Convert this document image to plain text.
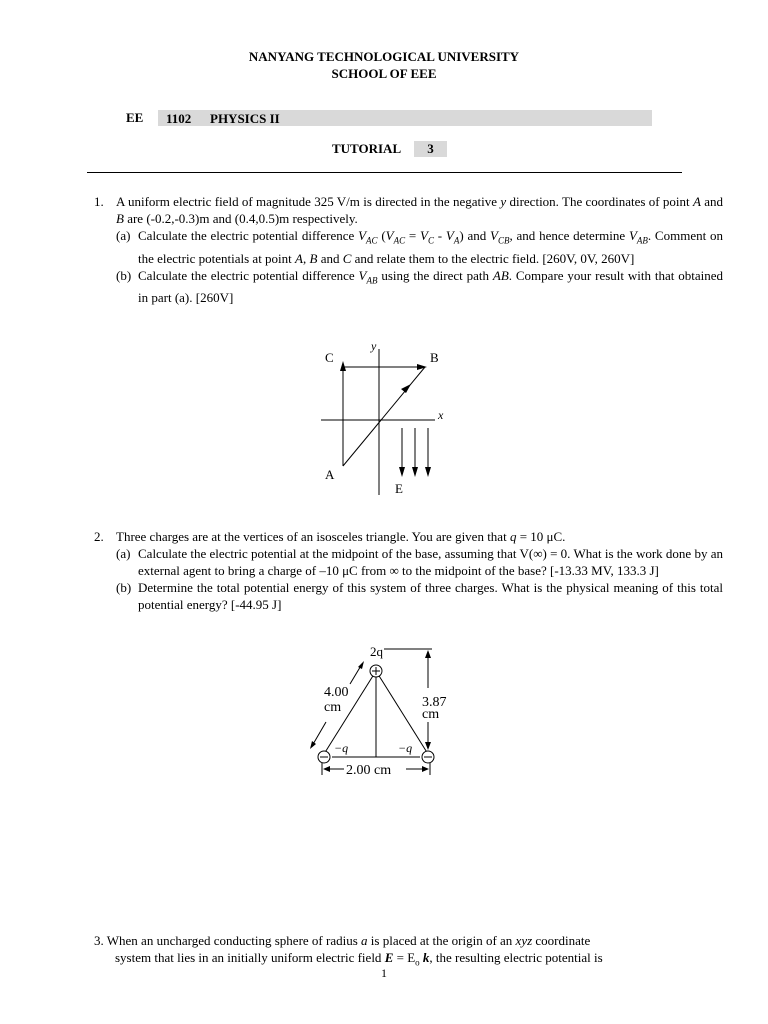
NANYANG TECHNOLOGICAL UNIVERSITY
SCHOOL OF EEE
EE 1102 PHYSICS II
TUTORIAL	3
1. A uniform electric field of magnitude 325 V/m is directed in the negative y direction. The coordinates of point A and B are (-0.2,-0.3)m and (0.4,0.5)m respectively.
(a) Calculate the electric potential difference $V_{AC}$ $(V_{AC} = V_C - V_A)$ and $V_{CB}$, and hence determine $V_{AB}$. Comment on the electric potentials at point A, B and C and relate them to the electric field. [260V, 0V, 260V]
(b) Calculate the electric potential difference $V_{AB}$ using the direct path AB. Compare your result with that obtained in part (a). [260V]
C	B
A
y
x
E
2. Three charges are at the vertices of an isosceles triangle. You are given that q = 10 μC.
(a) Calculate the electric potential at the midpoint of the base, assuming that V(∞) = 0. What is the work done by an external agent to bring a charge of –10 μC from ∞ to the midpoint of the base? [-13.33 MV, 133.3 J]
(b) Determine the total potential energy of this system of three charges. What is the physical meaning of this total potential energy? [-44.95 J]
2q
4.00
cm	3.87
cm
−q	−q
2.00 cm
3. When an uncharged conducting sphere of radius a is placed at the origin of an xyz coordinate
system that lies in an initially uniform electric field $E = E_o$ k, the resulting electric potential is
1
